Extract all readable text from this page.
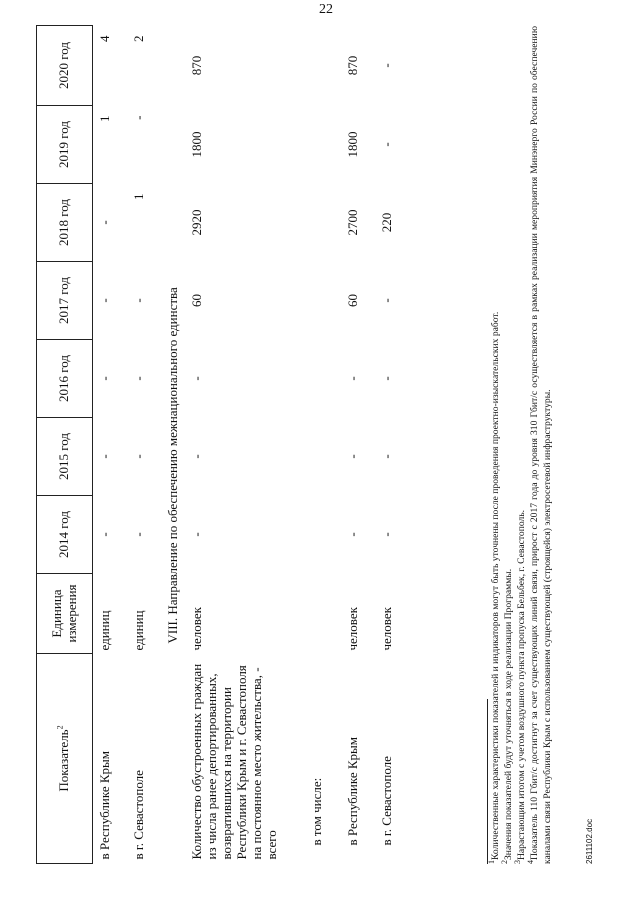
22
Показатель$^2$	Единица измерения	2014 год	2015 год	2016 год	2017 год	2018 год	2019 год	2020 год
в Республике Крым	единиц	-	-	-	-	-	1	4
в г. Севастополе	единиц	-	-	-	-	1	-	2
	VIII. Направление по обеспечению межнационального единства							
Количество обустроенных граждан из числа ранее депортированных, возвратившихся на территории Республики Крым и г. Севастополя на постоянное место жительства, - всего	человек	-	-	-	60	2920	1800	870
в том числе:								
в Республике Крым	человек	-	-	-	60	2700	1800	870
в г. Севастополе	человек	-	-	-	-	220	-	-

$^1$Количественные характеристики показателей и индикаторов могут быть уточнены после проведения проектно-изыскательских работ.

$^2$Значения показателей будут уточняться в ходе реализации Программы.

$^3$Нарастающим итогом с учетом воздушного пункта пропуска Бельбек, г. Севастополь.

$^4$Показатель 110 Гбит/с достигнут за счет существующих линий связи, прирост с 2017 года до уровня 310 Гбит/с осуществляется в рамках реализации мероприятия Минэнерго России по обеспечению каналами связи Республики Крым с использованием существующей (строящейся) электросетевой инфраструктуры.	2611102.doc
